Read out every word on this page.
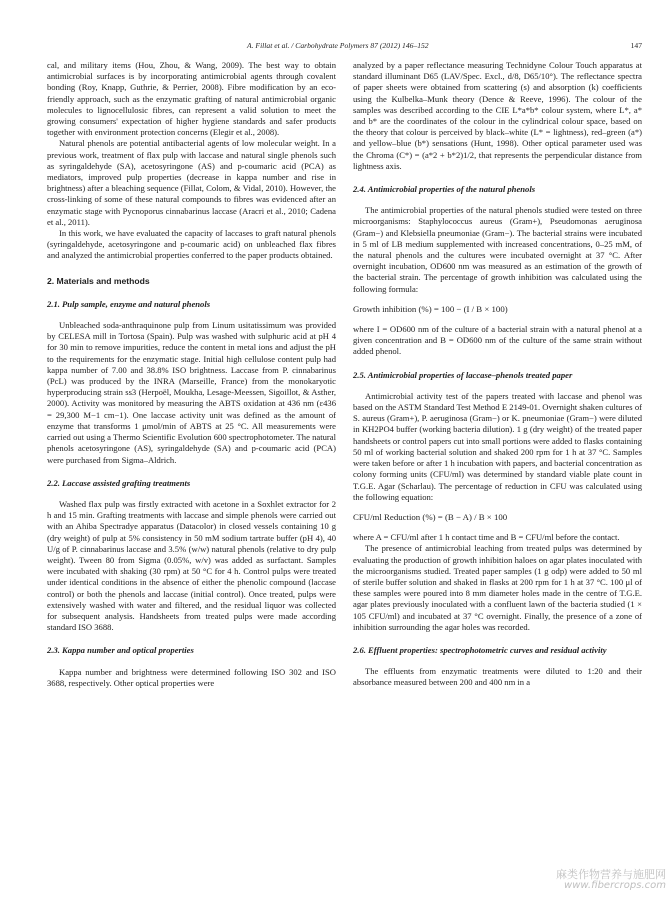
A. Fillat et al. / Carbohydrate Polymers 87 (2012) 146–152	147

cal, and military items (Hou, Zhou, & Wang, 2009). The best way to obtain antimicrobial surfaces is by incorporating antimicrobial agents through covalent bonding (Roy, Knapp, Guthrie, & Perrier, 2008). Fibre modification by an eco-friendly approach, such as the enzymatic grafting of natural antimicrobial organic molecules to lignocellulosic fibres, can represent a valid solution to meet the growing consumers' expectation of higher hygiene standards and safer products together with environment protection concerns (Elegir et al., 2008).

Natural phenols are potential antibacterial agents of low molecular weight. In a previous work, treatment of flax pulp with laccase and natural single phenols such as syringaldehyde (SA), acetosyringone (AS) and p-coumaric acid (PCA) as mediators, improved pulp properties (decrease in kappa number and rise in brightness) after a bleaching sequence (Fillat, Colom, & Vidal, 2010). However, the cross-linking of some of these natural compounds to fibres was evidenced after an enzymatic stage with Pycnoporus cinnabarinus laccase (Aracri et al., 2010; Cadena et al., 2011).

In this work, we have evaluated the capacity of laccases to graft natural phenols (syringaldehyde, acetosyringone and p-coumaric acid) on unbleached flax fibres and analyzed the antimicrobial properties conferred to the paper products obtained.

2. Materials and methods
2.1. Pulp sample, enzyme and natural phenols

Unbleached soda-anthraquinone pulp from Linum usitatissimum was provided by CELESA mill in Tortosa (Spain). Pulp was washed with sulphuric acid at pH 4 for 30 min to remove impurities, reduce the content in metal ions and adjust the pH to the requirements for the enzymatic stage. Initial high cellulose content pulp had kappa number of 7.00 and 38.8% ISO brightness. Laccase from P. cinnabarinus (PcL) was produced by the INRA (Marseille, France) from the monokaryotic hyperproducing strain ss3 (Herpoël, Moukha, Lesage-Meessen, Sigoillot, & Asther, 2000). Activity was monitored by measuring the ABTS oxidation at 436 nm (ε436 = 29,300 M−1 cm−1). One laccase activity unit was defined as the amount of enzyme that transforms 1 μmol/min of ABTS at 25 °C. All measurements were carried out using a Thermo Scientific Evolution 600 spectrophotometer. The natural phenols acetosyringone (AS), syringaldehyde (SA) and p-coumaric acid (PCA) were purchased from Sigma–Aldrich.

2.2. Laccase assisted grafting treatments

Washed flax pulp was firstly extracted with acetone in a Soxhlet extractor for 2 h and 15 min. Grafting treatments with laccase and simple phenols were carried out with an Ahiba Spectradye apparatus (Datacolor) in closed vessels containing 10 g (dry weight) of pulp at 5% consistency in 50 mM sodium tartrate buffer (pH 4), 40 U/g of P. cinnabarinus laccase and 3.5% (w/w) natural phenols (relative to dry pulp weight). Tween 80 from Sigma (0.05%, w/v) was added as surfactant. Samples were incubated with shaking (30 rpm) at 50 °C for 4 h. Control pulps were treated under identical conditions in the absence of either the phenolic compound (laccase control) or both the phenols and laccase (initial control). Once treated, pulps were extensively washed with water and filtered, and the residual liquor was collected for subsequent analysis. Handsheets from treated pulps were made according standard ISO 3688.

2.3. Kappa number and optical properties

Kappa number and brightness were determined following ISO 302 and ISO 3688, respectively. Other optical properties were

analyzed by a paper reflectance measuring Technidyne Colour Touch apparatus at standard illuminant D65 (LAV/Spec. Excl., d/8, D65/10°). The reflectance spectra of paper sheets were obtained from scattering (s) and absorption (k) coefficients using the Kulbelka–Munk theory (Dence & Reeve, 1996). The colour of the samples was described according to the CIE L*a*b* colour system, where L*, a* and b* are the coordinates of the colour in the cylindrical colour space, based on the theory that colour is perceived by black–white (L* = lightness), red–green (a*) and yellow–blue (b*) sensations (Hunt, 1998). Other optical parameter used was the Chroma (C*) = (a*2 + b*2)1/2, that represents the perpendicular distance from lightness axis.

2.4. Antimicrobial properties of the natural phenols

The antimicrobial properties of the natural phenols studied were tested on three microorganisms: Staphylococcus aureus (Gram+), Pseudomonas aeruginosa (Gram−) and Klebsiella pneumoniae (Gram−). The bacterial strains were incubated in 5 ml of LB medium supplemented with increased concentrations, 0–25 mM, of the natural phenols and the cultures were incubated overnight at 37 °C. After overnight incubation, OD600 nm was measured as an estimation of the growth of the bacterial strain. The percentage of growth inhibition was calculated using the following formula:

Growth inhibition (%) = 100 − (I / B × 100)

where I = OD600 nm of the culture of a bacterial strain with a natural phenol at a given concentration and B = OD600 nm of the culture of the same strain without added phenol.

2.5. Antimicrobial properties of laccase–phenols treated paper

Antimicrobial activity test of the papers treated with laccase and phenol was based on the ASTM Standard Test Method E 2149-01. Overnight shaken cultures of S. aureus (Gram+), P. aeruginosa (Gram−) or K. pneumoniae (Gram−) were diluted in KH2PO4 buffer (working bacteria dilution). 1 g (dry weight) of the treated paper handsheets or control papers cut into small portions were added to flasks containing 50 ml of working bacterial solution and shaked 200 rpm for 1 h at 37 °C. Samples were taken before or after 1 h incubation with papers, and bacterial concentration as colony forming units (CFU/ml) was determined by standard viable plate count in T.G.E. Agar (Scharlau). The percentage of reduction in CFU was calculated using the following equation:

CFU/ml Reduction (%) = (B − A) / B × 100

where A = CFU/ml after 1 h contact time and B = CFU/ml before the contact.

The presence of antimicrobial leaching from treated pulps was determined by evaluating the production of growth inhibition haloes on agar plates inoculated with the microorganisms studied. Treated paper samples (1 g odp) were added to 50 ml of sterile buffer solution and shaked in flasks at 200 rpm for 1 h at 37 °C. 100 μl of these samples were poured into 8 mm diameter holes made in the centre of T.G.E. agar plates previously inoculated with a confluent lawn of the bacteria studied (1 × 105 CFU/ml) and incubated at 37 °C overnight. Finally, the presence of a zone of inhibition surrounding the agar holes was recorded.

2.6. Effluent properties: spectrophotometric curves and residual activity

The effluents from enzymatic treatments were diluted to 1:20 and their absorbance measured between 200 and 400 nm in a

麻类作物营养与施肥网
www.fibercrops.com
